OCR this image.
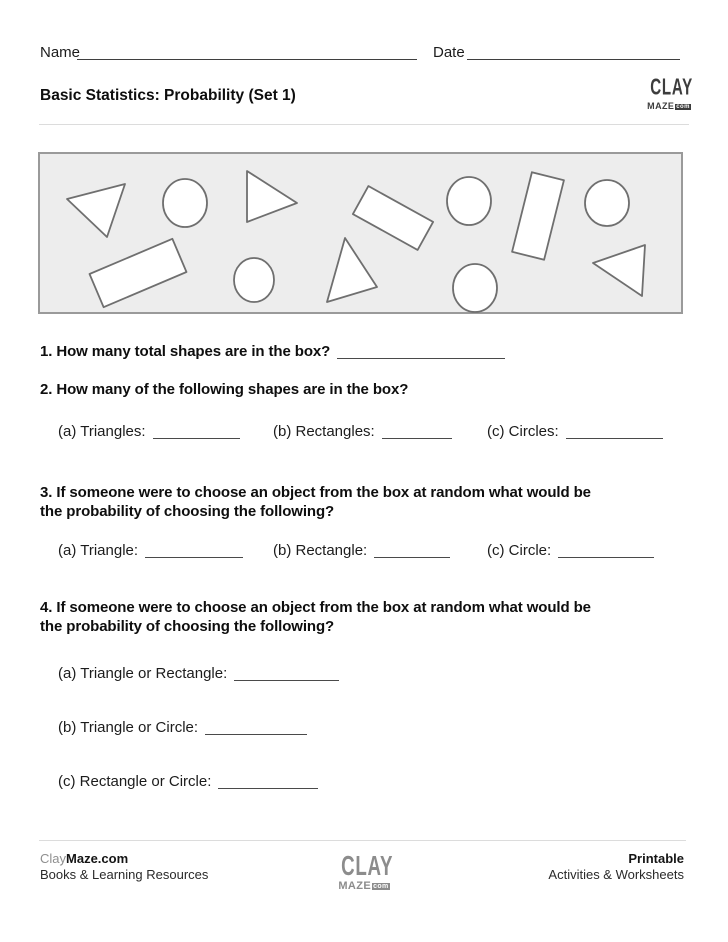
Name	Date
Basic Statistics: Probability (Set 1)	CLAY
MAZE com
1. How many total shapes are in the box?
2. How many of the following shapes are in the box?
(a) Triangles:	(b) Rectangles:	(c) Circles:
3. If someone were to choose an object from the box at random what would be
the probability of choosing the following?
(a) Triangle:	(b) Rectangle:	(c) Circle:
4. If someone were to choose an object from the box at random what would be
the probability of choosing the following?
(a) Triangle or Rectangle:
(b) Triangle or Circle:
(c) Rectangle or Circle:
ClayMaze.com
Books & Learning Resources	CLAY
MAZE com
Printable
Activities & Worksheets
